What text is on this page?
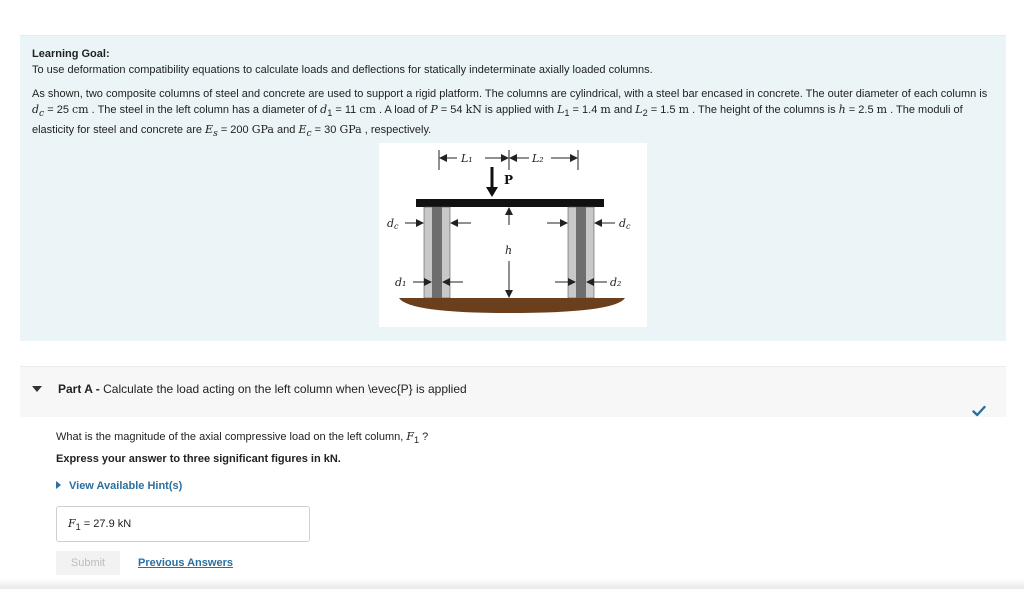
Learning Goal:
To use deformation compatibility equations to calculate loads and deflections for statically indeterminate axially loaded columns.
As shown, two composite columns of steel and concrete are used to support a rigid platform. The columns are cylindrical, with a steel bar encased in concrete. The outer diameter of each column is $d_c = 25$ cm . The steel in the left column has a diameter of $d_1 = 11$ cm . A load of P = 54 kN is applied with $L_1 = 1.4$ m and $L_2 = 1.5$ m . The height of the columns is h = 2.5 m . The moduli of elasticity for steel and concrete are $E_s = 200$ GPa and $E_c = 30$ GPa , respectively.
L₁	L₂
P
dc	dc
h
d₁	d₂
Part A - Calculate the load acting on the left column when \evec{P} is applied
What is the magnitude of the axial compressive load on the left column, $F_1$ ?
Express your answer to three significant figures in kN.
View Available Hint(s)
$F_1 = 27.9$ kN
Submit	Previous Answers
